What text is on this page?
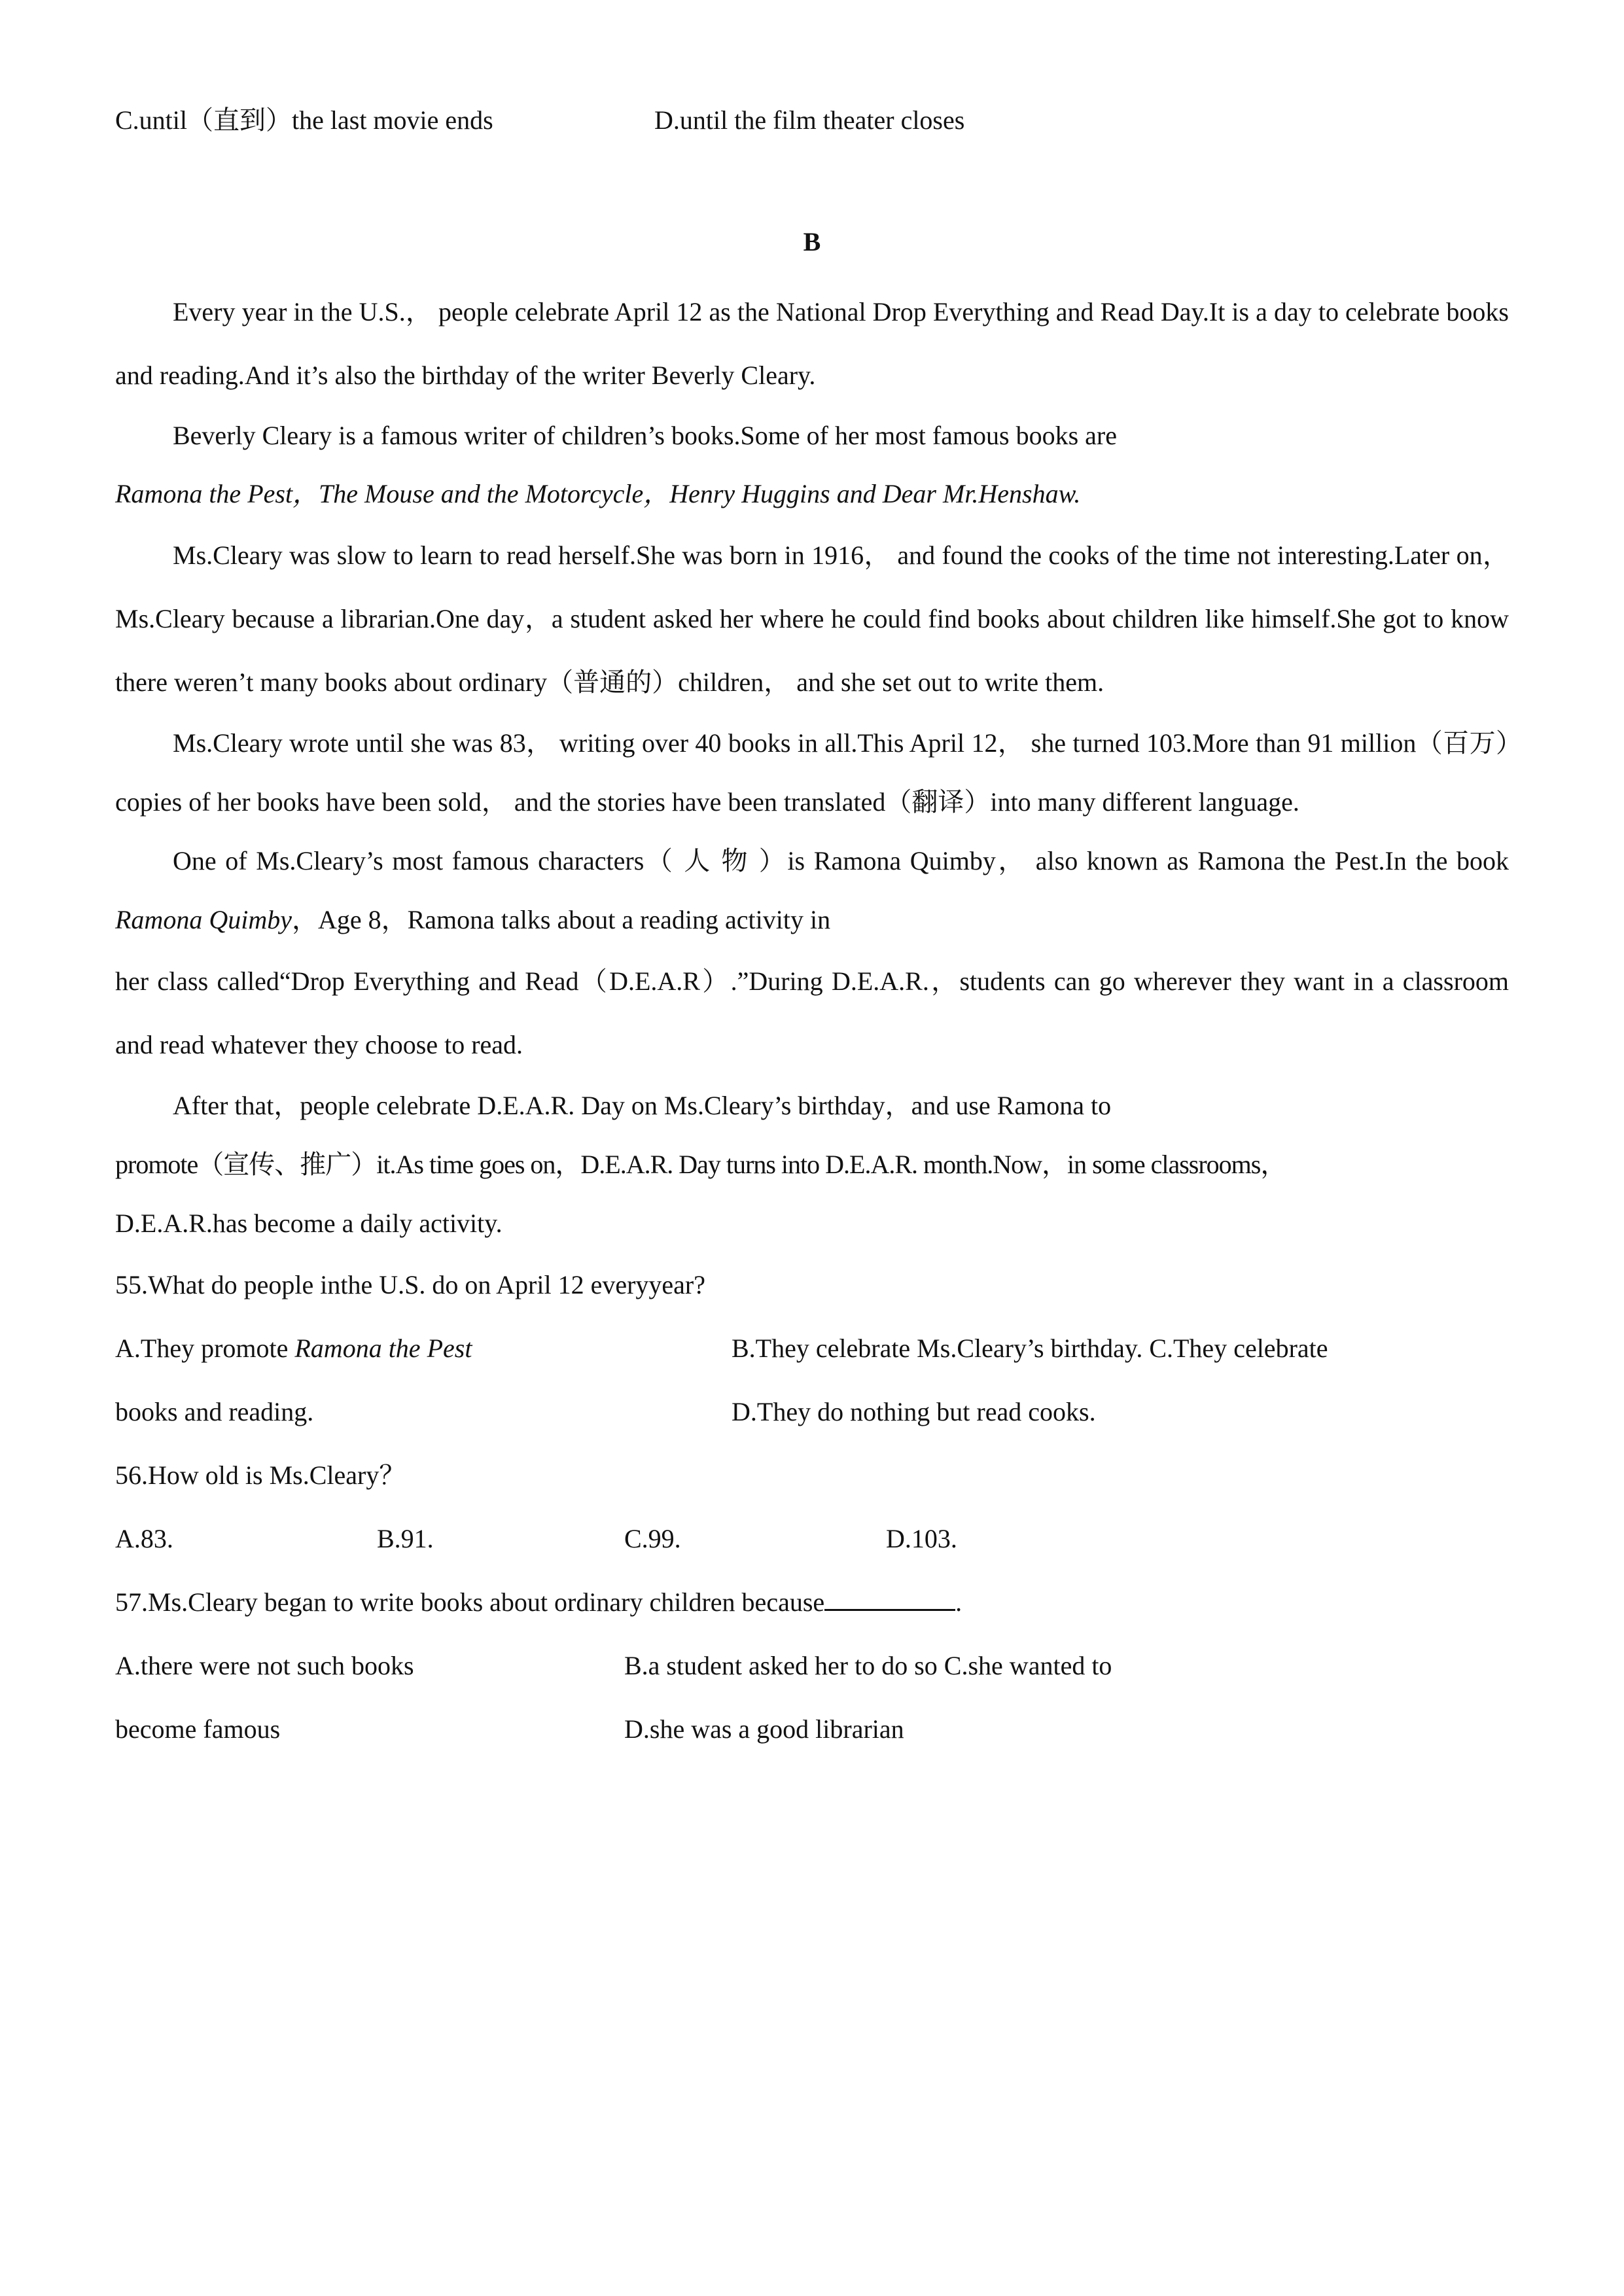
C.until（直到）the last movie ends	D.until the film theater closes
B

Every year in the U.S.， people celebrate April 12 as the National Drop Everything and Read Day.It is a day to celebrate books and reading.And it’s also the birthday of the writer Beverly Cleary.

Beverly Cleary is a famous writer of children’s books.Some of her most famous books are

Ramona the Pest，The Mouse and the Motorcycle，Henry Huggins and Dear Mr.Henshaw.

Ms.Cleary was slow to learn to read herself.She was born in 1916， and found the cooks of the time not interesting.Later on，Ms.Cleary because a librarian.One day，a student asked her where he could find books about children like himself.She got to know there weren’t many books about ordinary（普通的）children， and she set out to write them.

Ms.Cleary wrote until she was 83， writing over 40 books in all.This April 12， she turned 103.More than 91 million（百万）copies of her books have been sold， and the stories have been translated（翻译）into many different language.

One of Ms.Cleary’s most famous characters（ 人 物 ）is Ramona Quimby， also known as Ramona the Pest.In the book Ramona Quimby，Age 8，Ramona talks about a reading activity in

her class called“Drop Everything and Read（D.E.A.R）.”During D.E.A.R.，students can go wherever they want in a classroom and read whatever they choose to read.

After that，people celebrate D.E.A.R. Day on Ms.Cleary’s birthday，and use Ramona to

promote（宣传、推广）it.As time goes on，D.E.A.R. Day turns into D.E.A.R. month.Now，in some classrooms，

D.E.A.R.has become a daily activity.

55.What do people inthe U.S. do on April 12 everyyear?

A.They promote Ramona the Pest	B.They celebrate Ms.Cleary’s birthday. C.They celebrate
books and reading.	D.They do nothing but read cooks.

56.How old is Ms.Cleary？

A.83.	B.91.	C.99.	D.103.

57.Ms.Cleary began to write books about ordinary children because	.

A.there were not such books	B.a student asked her to do so C.she wanted to
become famous	D.she was a good librarian
